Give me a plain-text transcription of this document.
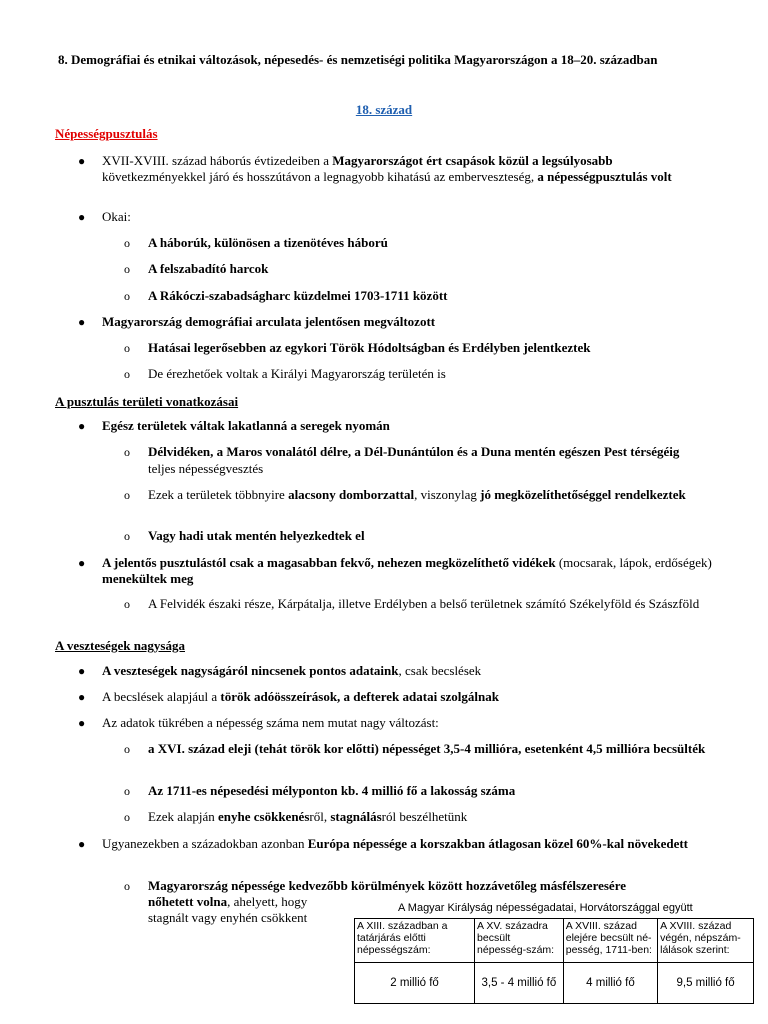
8. Demográfiai és etnikai változások, népesedés- és nemzetiségi politika Magyarországon a 18–20. században
18. század
Népességpusztulás
● XVII-XVIII. század háborús évtizedeiben a Magyarországot ért csapások közül a legsúlyosabb következményekkel járó és hosszútávon a legnagyobb kihatású az emberveszteség, a népességpusztulás volt
● Okai:
o A háborúk, különösen a tizenötéves háború
o A felszabadító harcok
o A Rákóczi-szabadságharc küzdelmei 1703-1711 között
● Magyarország demográfiai arculata jelentősen megváltozott
o Hatásai legerősebben az egykori Török Hódoltságban és Erdélyben jelentkeztek
o De érezhetőek voltak a Királyi Magyarország területén is
A pusztulás területi vonatkozásai
● Egész területek váltak lakatlanná a seregek nyomán
o Délvidéken, a Maros vonalától délre, a Dél-Dunántúlon és a Duna mentén egészen Pest térségéig teljes népességvesztés
o Ezek a területek többnyire alacsony domborzattal, viszonylag jó megközelíthetőséggel rendelkeztek
o Vagy hadi utak mentén helyezkedtek el
● A jelentős pusztulástól csak a magasabban fekvő, nehezen megközelíthető vidékek (mocsarak, lápok, erdőségek) menekültek meg
o A Felvidék északi része, Kárpátalja, illetve Erdélyben a belső területnek számító Székelyföld és Szászföld
A veszteségek nagysága
● A veszteségek nagyságáról nincsenek pontos adataink, csak becslések
● A becslések alapjául a török adóösszeírások, a defterek adatai szolgálnak
● Az adatok tükrében a népesség száma nem mutat nagy változást:
o a XVI. század eleji (tehát török kor előtti) népességet 3,5-4 millióra, esetenként 4,5 millióra becsülték
o Az 1711-es népesedési mélyponton kb. 4 millió fő a lakosság száma
o Ezek alapján enyhe csökkenésről, stagnálásról beszélhetünk
● Ugyanezekben a századokban azonban Európa népessége a korszakban átlagosan közel 60%-kal növekedett
o Magyarország népessége kedvezőbb körülmények között hozzávetőleg másfélszeresére
nőhetett volna, ahelyett, hogy
stagnált vagy enyhén csökkent
A Magyar Királyság népességadatai, Horvátországgal együtt
A XIII. században a tatárjárás előtti népességszám:	A XV. századra becsült népesség-szám:	A XVIII. század elejére becsült né-pesség, 1711-ben:	A XVIII. század végén, népszám-lálások szerint:
2 millió fő	3,5 - 4 millió fő	4 millió fő	9,5 millió fő
